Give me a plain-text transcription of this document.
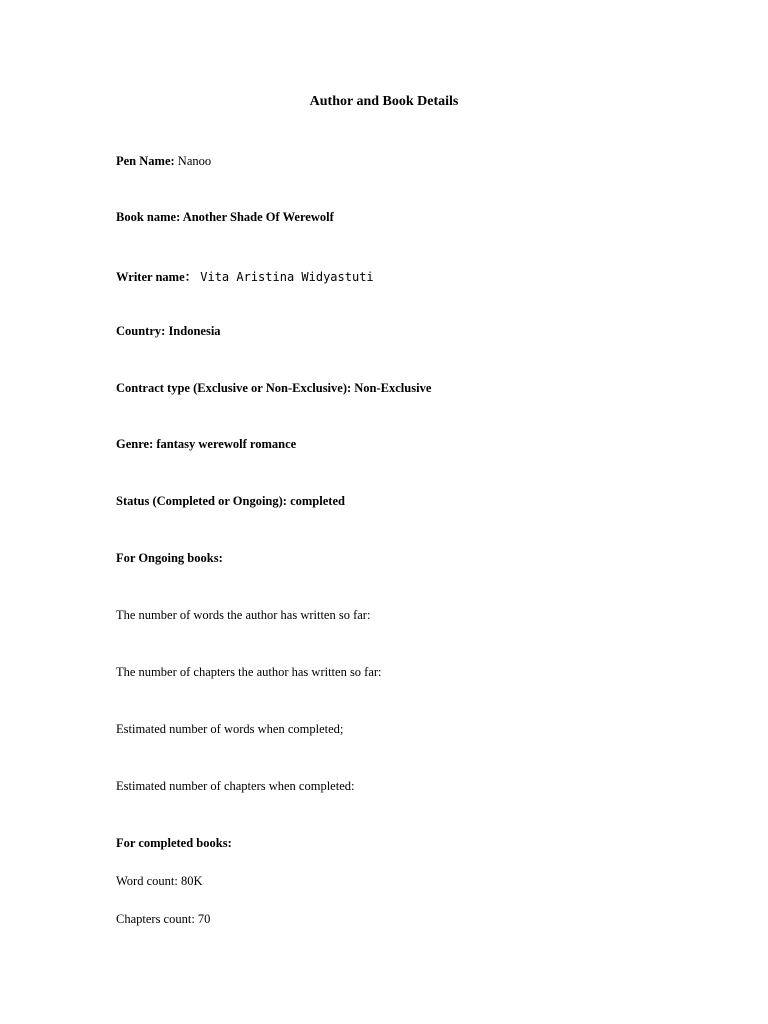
Author and Book Details
Pen Name: Nanoo
Book name: Another Shade Of Werewolf
Writer name： Vita Aristina Widyastuti
Country: Indonesia
Contract type (Exclusive or Non-Exclusive): Non-Exclusive
Genre: fantasy werewolf romance
Status (Completed or Ongoing): completed
For Ongoing books:
The number of words the author has written so far:
The number of chapters the author has written so far:
Estimated number of words when completed;
Estimated number of chapters when completed:
For completed books:
Word count: 80K
Chapters count: 70
